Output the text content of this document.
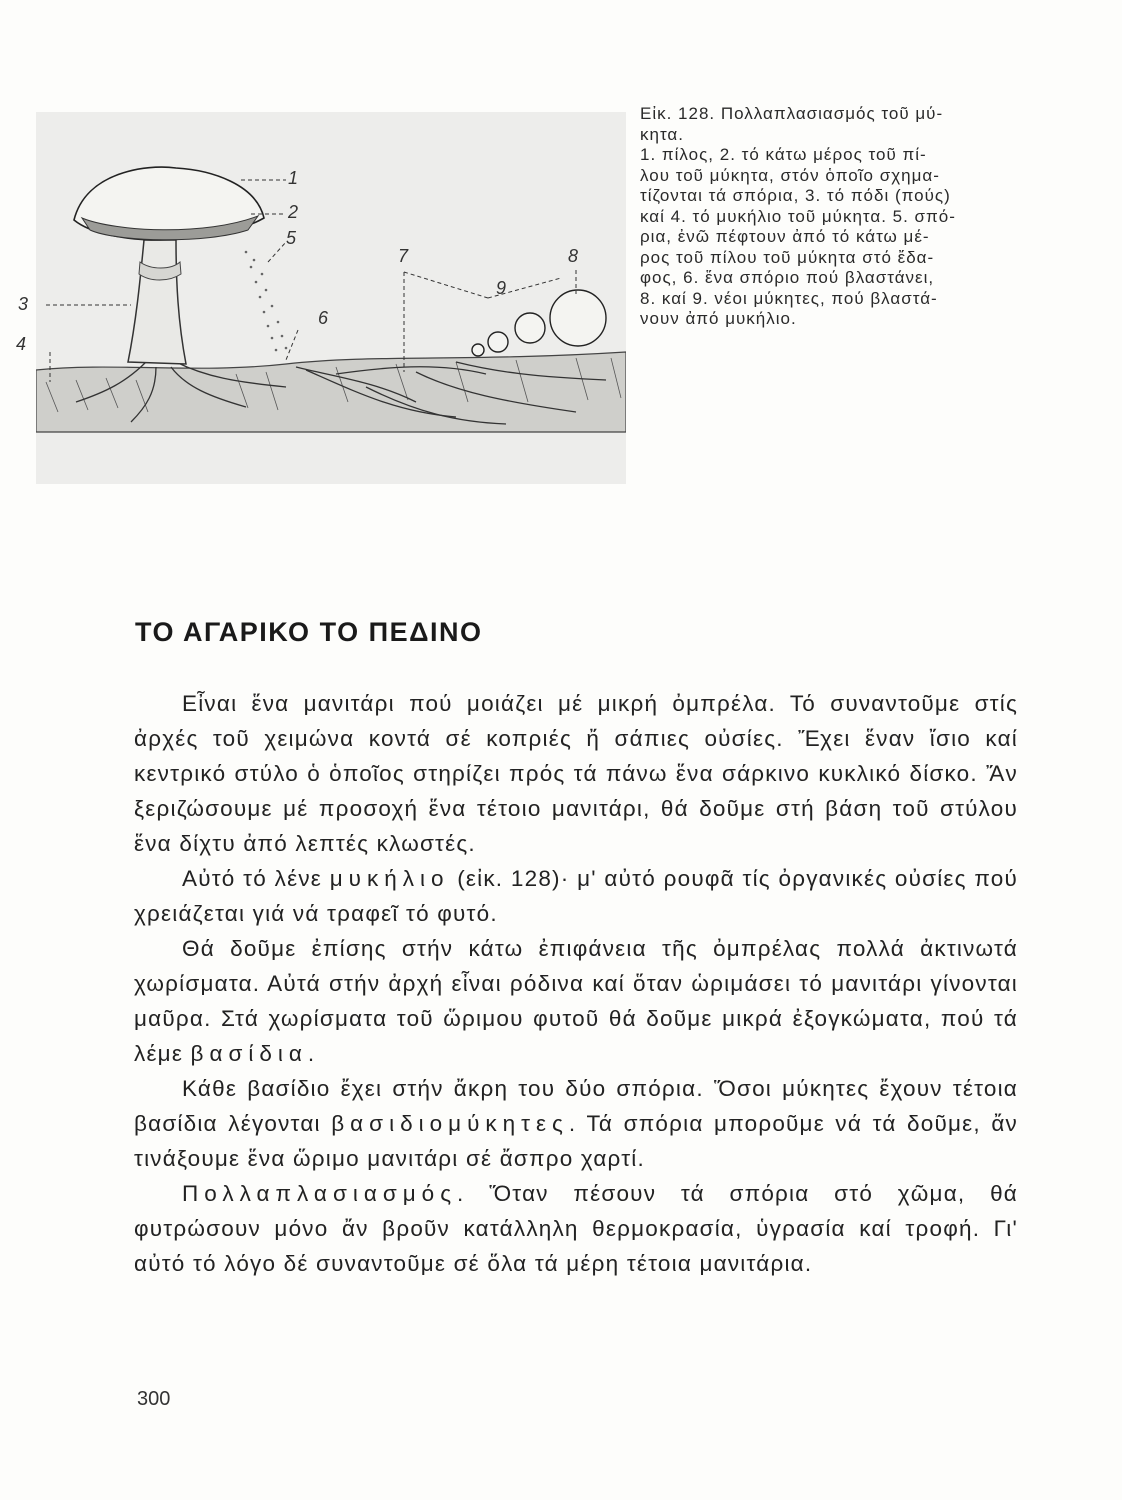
1
2
5
3
4
6
7	8
9

Εἰκ. 128. Πολλαπλασιασμός τοῦ μύ-

κητα.

1. πίλος, 2. τό κάτω μέρος τοῦ πί-

λου τοῦ μύκητα, στόν ὁποῖο σχημα-

τίζονται τά σπόρια, 3. τό πόδι (πούς)

καί 4. τό μυκήλιο τοῦ μύκητα. 5. σπό-

ρια, ἐνῶ πέφτουν ἀπό τό κάτω μέ-

ρος τοῦ πίλου τοῦ μύκητα στό ἔδα-

φος, 6. ἕνα σπόριο πού βλαστάνει,

8. καί 9. νέοι μύκητες, πού βλαστά-

νουν ἀπό μυκήλιο.

ΤΟ ΑΓΑΡΙΚΟ ΤΟ ΠΕΔΙΝΟ

Εἶναι ἕνα μανιτάρι πού μοιάζει μέ μικρή ὀμπρέλα. Τό συναντοῦμε στίς ἀρχές τοῦ χειμώνα κοντά σέ κοπριές ἤ σάπιες οὐσίες. Ἔχει ἕναν ἴσιο καί κεντρικό στύλο ὁ ὁποῖος στηρίζει πρός τά πάνω ἕνα σάρκινο κυκλικό δίσκο. Ἄν ξεριζώσουμε μέ προσοχή ἕνα τέτοιο μανιτάρι, θά δοῦμε στή βάση τοῦ στύλου ἕνα δίχτυ ἀπό λεπτές κλωστές.

Αὐτό τό λένε μυκήλιο (εἰκ. 128)· μ' αὐτό ρουφᾶ τίς ὀργανικές οὐσίες πού χρειάζεται γιά νά τραφεῖ τό φυτό.

Θά δοῦμε ἐπίσης στήν κάτω ἐπιφάνεια τῆς ὀμπρέλας πολλά ἀκτινωτά χωρίσματα. Αὐτά στήν ἀρχή εἶναι ρόδινα καί ὅταν ὡριμάσει τό μανιτάρι γίνονται μαῦρα. Στά χωρίσματα τοῦ ὥριμου φυτοῦ θά δοῦμε μικρά ἐξογκώματα, πού τά λέμε βασίδια.

Κάθε βασίδιο ἔχει στήν ἄκρη του δύο σπόρια. Ὅσοι μύκητες ἔχουν τέτοια βασίδια λέγονται βασιδιομύκητες. Τά σπόρια μποροῦμε νά τά δοῦμε, ἄν τινάξουμε ἕνα ὥριμο μανιτάρι σέ ἄσπρο χαρτί.

Πολλαπλασιασμός. Ὅταν πέσουν τά σπόρια στό χῶμα, θά φυτρώσουν μόνο ἄν βροῦν κατάλληλη θερμοκρασία, ὑγρασία καί τροφή. Γι' αὐτό τό λόγο δέ συναντοῦμε σέ ὅλα τά μέρη τέτοια μανιτάρια.

300
